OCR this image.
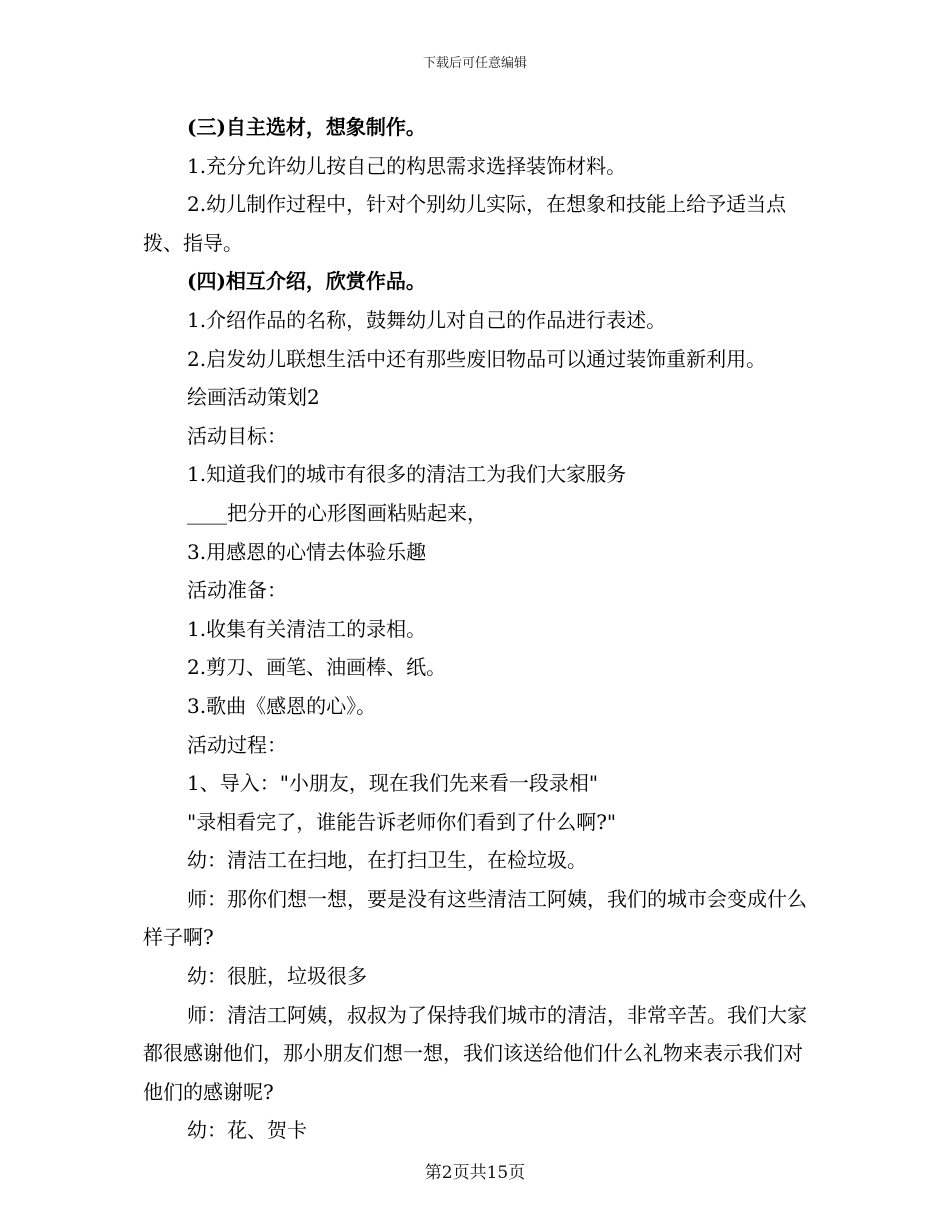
下载后可任意编辑

(三)自主选材，想象制作。

1.充分允许幼儿按自己的构思需求选择装饰材料。

2.幼儿制作过程中，针对个别幼儿实际，在想象和技能上给予适当点拨、指导。

(四)相互介绍，欣赏作品。

1.介绍作品的名称，鼓舞幼儿对自己的作品进行表述。

2.启发幼儿联想生活中还有那些废旧物品可以通过装饰重新利用。

绘画活动策划2

活动目标：

1.知道我们的城市有很多的清洁工为我们大家服务

____把分开的心形图画粘贴起来，

3.用感恩的心情去体验乐趣

活动准备：

1.收集有关清洁工的录相。

2.剪刀、画笔、油画棒、纸。

3.歌曲《感恩的心》。

活动过程：

1、导入："小朋友，现在我们先来看一段录相"

"录相看完了，谁能告诉老师你们看到了什么啊?"

幼：清洁工在扫地，在打扫卫生，在检垃圾。

师：那你们想一想，要是没有这些清洁工阿姨，我们的城市会变成什么样子啊?

幼：很脏，垃圾很多

师：清洁工阿姨，叔叔为了保持我们城市的清洁，非常辛苦。我们大家都很感谢他们，那小朋友们想一想，我们该送给他们什么礼物来表示我们对他们的感谢呢?

幼：花、贺卡

第2页共15页
